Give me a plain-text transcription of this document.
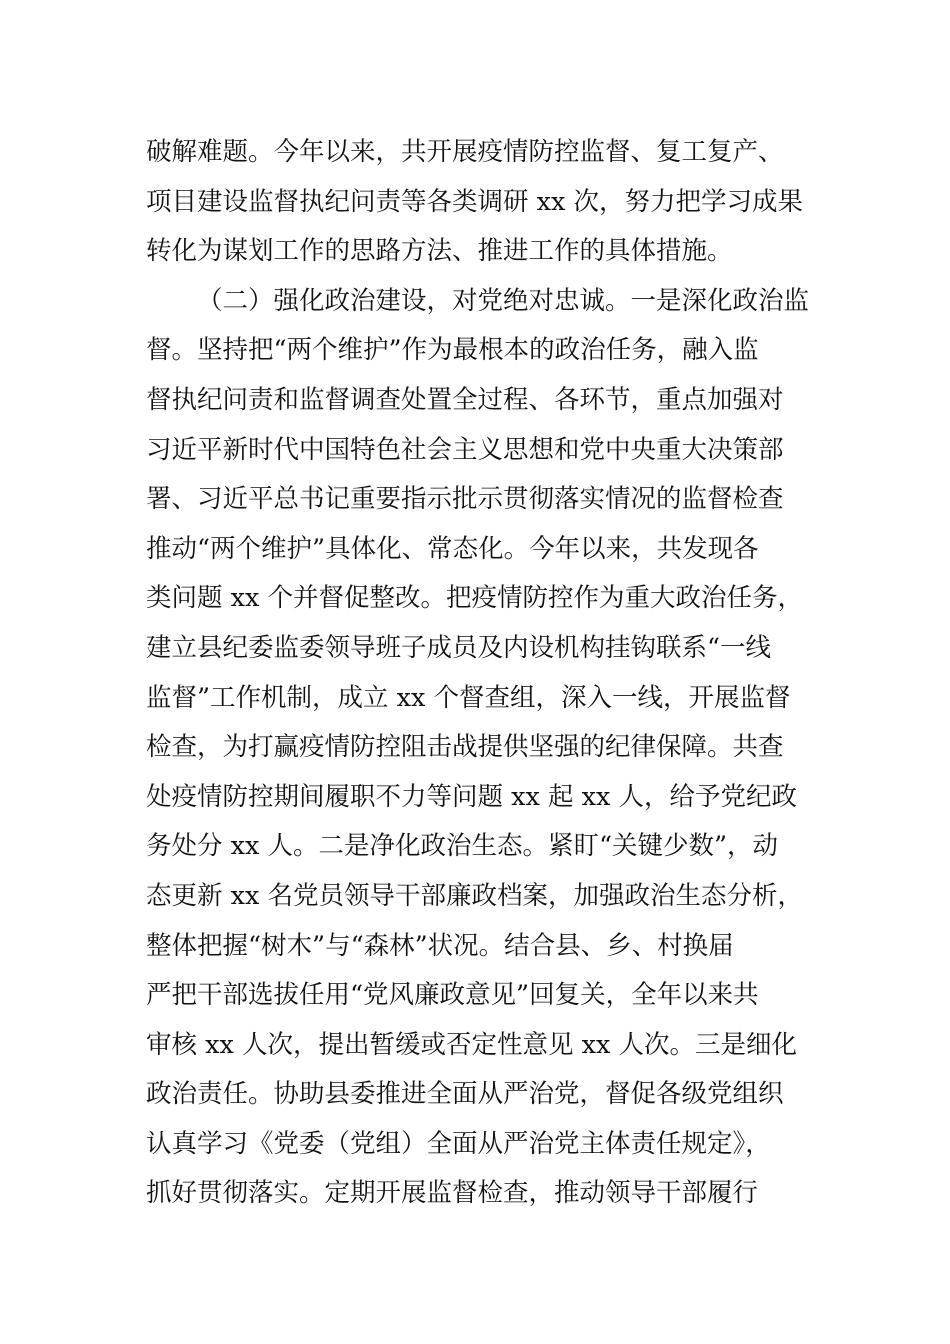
破解难题。今年以来，共开展疫情防控监督、复工复产、
项目建设监督执纪问责等各类调研 xx 次，努力把学习成果
转化为谋划工作的思路方法、推进工作的具体措施。
（二）强化政治建设，对党绝对忠诚。一是深化政治监
督。坚持把“两个维护”作为最根本的政治任务，融入监
督执纪问责和监督调查处置全过程、各环节，重点加强对
习近平新时代中国特色社会主义思想和党中央重大决策部
署、习近平总书记重要指示批示贯彻落实情况的监督检查
推动“两个维护”具体化、常态化。今年以来，共发现各
类问题 xx 个并督促整改。把疫情防控作为重大政治任务，
建立县纪委监委领导班子成员及内设机构挂钩联系“一线
监督”工作机制，成立 xx 个督查组，深入一线，开展监督
检查，为打赢疫情防控阻击战提供坚强的纪律保障。共查
处疫情防控期间履职不力等问题 xx 起 xx 人，给予党纪政
务处分 xx 人。二是净化政治生态。紧盯“关键少数”，动
态更新 xx 名党员领导干部廉政档案，加强政治生态分析，
整体把握“树木”与“森林”状况。结合县、乡、村换届
严把干部选拔任用“党风廉政意见”回复关，全年以来共
审核 xx 人次，提出暂缓或否定性意见 xx 人次。三是细化
政治责任。协助县委推进全面从严治党，督促各级党组织
认真学习《党委（党组）全面从严治党主体责任规定》，
抓好贯彻落实。定期开展监督检查，推动领导干部履行
